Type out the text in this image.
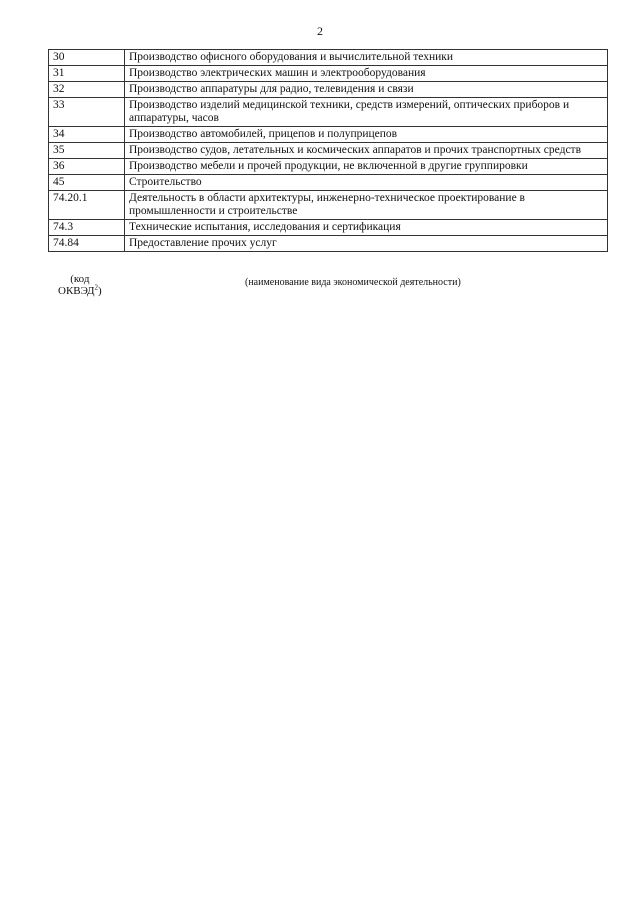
2
30	Производство офисного оборудования и вычислительной техники
31	Производство электрических машин и электрооборудования
32	Производство аппаратуры для радио, телевидения и связи
33	Производство изделий медицинской техники, средств измерений, оптических приборов и аппаратуры, часов
34	Производство автомобилей, прицепов и полуприцепов
35	Производство судов, летательных и космических аппаратов и прочих транспортных средств
36	Производство мебели и прочей продукции, не включенной в другие группировки
45	Строительство
74.20.1	Деятельность в области архитектуры, инженерно-техническое проектирование в промышленности и строительстве
74.3	Технические испытания, исследования и сертификация
74.84	Предоставление прочих услуг
(код
ОКВЭД$^2$)
(наименование вида экономической деятельности)
